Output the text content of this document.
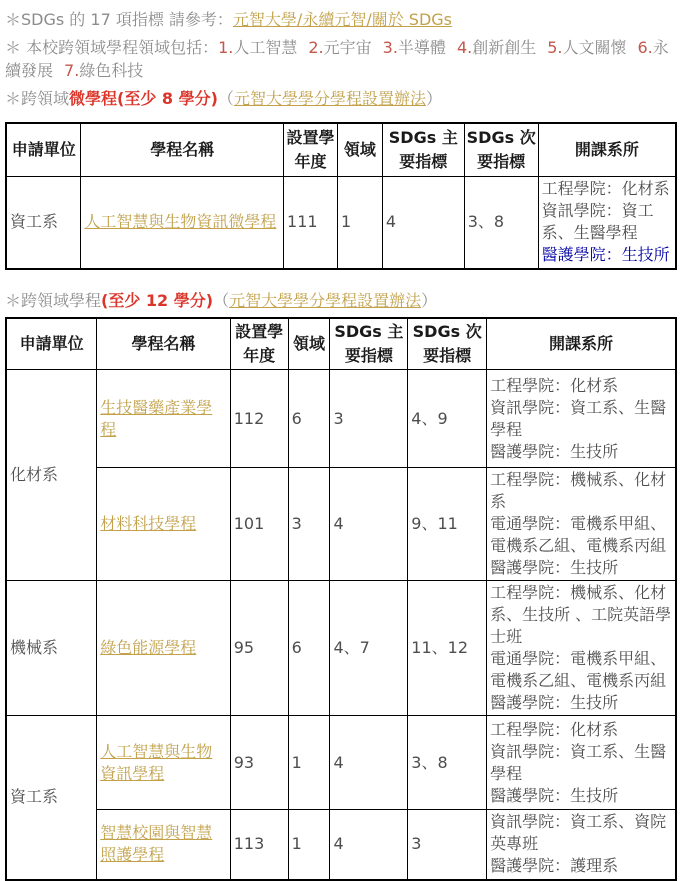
＊SDGs 的 17 項指標 請參考：元智大學/永續元智/關於 SDGs

＊ 本校跨領域學程領域包括：1.人工智慧 2.元宇宙 3.半導體 4.創新創生 5.人文關懷 6.永續發展 7.綠色科技

＊跨領域微學程(至少 8 學分)（元智大學學分學程設置辦法）

申請單位	學程名稱	設置學年度	領域	SDGs 主要指標	SDGs 次要指標	開課系所
資工系	人工智慧與生物資訊微學程	111	1	4	3、8	工程學院：化材系
資訊學院：資工系、生醫學程
醫護學院：生技所

＊跨領域學程(至少 12 學分)（元智大學學分學程設置辦法）

申請單位	學程名稱	設置學年度	領域	SDGs 主要指標	SDGs 次要指標	開課系所
化材系	生技醫藥產業學程	112	6	3	4、9	工程學院：化材系
資訊學院：資工系、生醫學程
醫護學院：生技所

	材料科技學程	101	3	4	9、11	工程學院：機械系、化材系
電通學院：電機系甲組、電機系乙組、電機系丙組
醫護學院：生技所

機械系	綠色能源學程	95	6	4、7	11、12	工程學院：機械系、化材系、生技所 、工院英語學士班
電通學院：電機系甲組、電機系乙組、電機系丙組
醫護學院：生技所

資工系	人工智慧與生物資訊學程	93	1	4	3、8	工程學院：化材系
資訊學院：資工系、生醫學程
醫護學院：生技所

	智慧校園與智慧照護學程	113	1	4	3	資訊學院：資工系、資院英專班
醫護學院：護理系
